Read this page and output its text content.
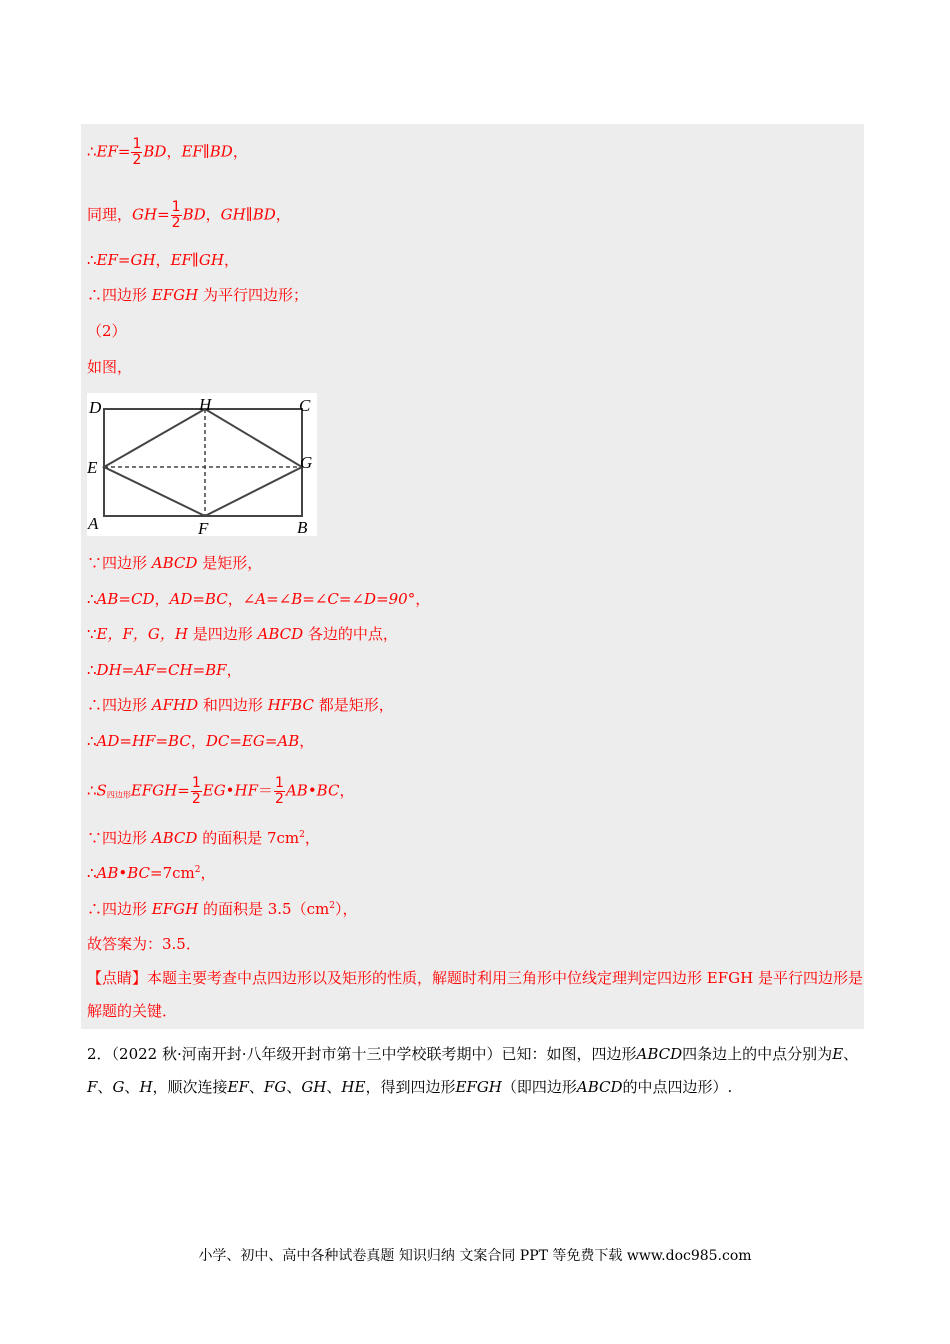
∴EF= $\frac{1}{2}$ BD，EF∥BD，
同理，$GH= \frac{1}{2}$ BD，GH∥BD，
∴EF=GH，EF∥GH，
∴四边形 EFGH 为平行四边形；
（2）
如图，
D	H	C
E	G
A	F	B
∵四边形 ABCD 是矩形，
∴AB=CD，AD=BC，∠A=∠B=∠C=∠D=90°，
∵E，F，G，H 是四边形 ABCD 各边的中点，
∴DH=AF=CH=BF，
∴四边形 AFHD 和四边形 HFBC 都是矩形，
∴AD=HF=BC，DC=EG=AB，
∴S四边形EFGH= $\frac{1}{2}$ EG•HF＝ $\frac{1}{2}$ AB•BC，
∵四边形 ABCD 的面积是 $7cm^2$，
$\therefore AB•BC=7cm^2$，
∴四边形 EFGH 的面积是 $3.5(cm^2)$，
故答案为：3.5．
【点睛】本题主要考查中点四边形以及矩形的性质，解题时利用三角形中位线定理判定四边形 EFGH 是平行四边形是解题的关键．
2．（2022 秋·河南开封·八年级开封市第十三中学校联考期中）已知：如图，四边形ABCD四条边上的中点分别为E、F、G、H，顺次连接EF、FG、GH、HE，得到四边形EFGH（即四边形ABCD的中点四边形）.
小学、初中、高中各种试卷真题 知识归纳 文案合同 PPT 等免费下载 www.doc985.com
